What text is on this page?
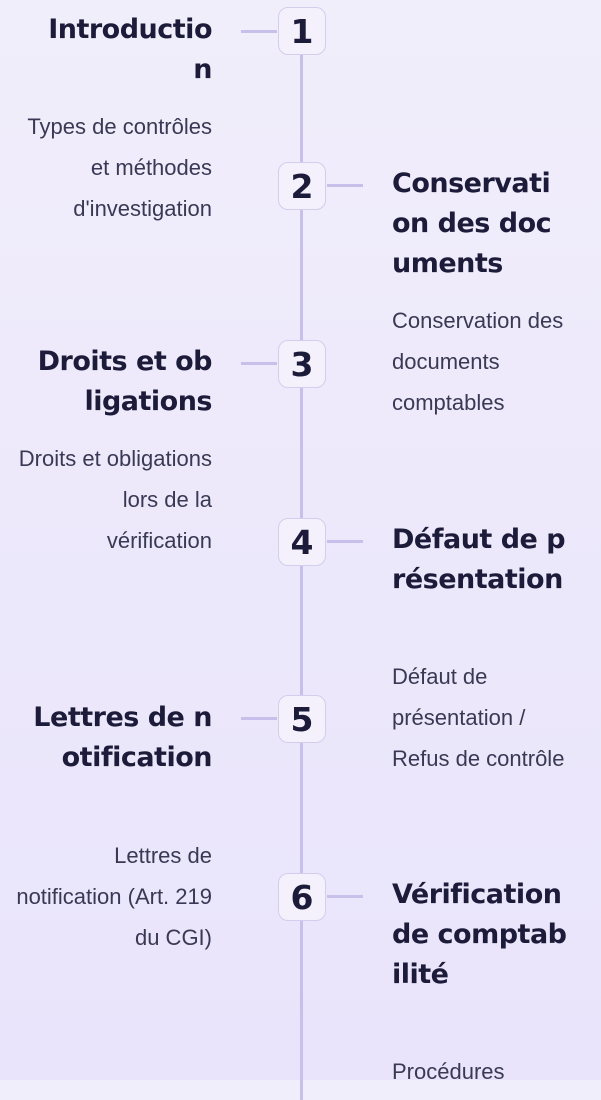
1
Introduction
Types de contrôles et méthodes d'investigation
2	Conservation des documents
Conservation des documents comptables
3
Droits et obligations
Droits et obligations lors de la vérification	4	Défaut de présentation
Défaut de présentation / Refus de contrôle
5
Lettres de notification
Lettres de notification (Art. 219 du CGI)
6	Vérification de comptabilité
Procédures
